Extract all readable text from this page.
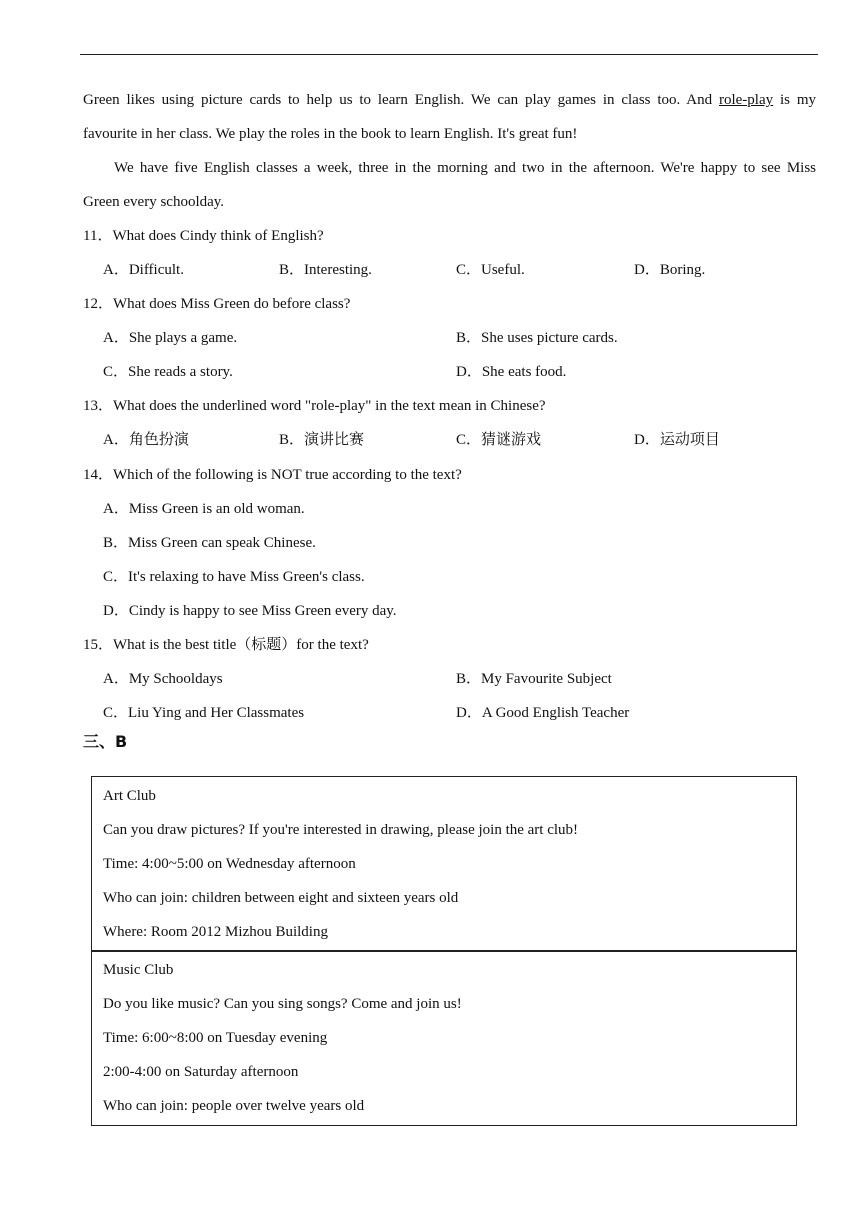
Green likes using picture cards to help us to learn English. We can play games in class too. And role-play is my
favourite in her class. We play the roles in the book to learn English. It's great fun!
We have five English classes a week, three in the morning and two in the afternoon. We're happy to see Miss
Green every schoolday.
11．What does Cindy think of English?
A．Difficult.	B．Interesting.	C．Useful.	D．Boring.
12．What does Miss Green do before class?
A．She plays a game.	B．She uses picture cards.
C．She reads a story.	D．She eats food.
13．What does the underlined word "role-play" in the text mean in Chinese?
A．角色扮演	B．演讲比赛	C．猜谜游戏	D．运动项目
14．Which of the following is NOT true according to the text?
A．Miss Green is an old woman.
B．Miss Green can speak Chinese.
C．It's relaxing to have Miss Green's class.
D．Cindy is happy to see Miss Green every day.
15．What is the best title（标题）for the text?
A．My Schooldays	B．My Favourite Subject
C．Liu Ying and Her Classmates	D．A Good English Teacher
三、B
Art Club
Can you draw pictures? If you're interested in drawing, please join the art club!
Time: 4:00~5:00 on Wednesday afternoon
Who can join: children between eight and sixteen years old
Where: Room 2012 Mizhou Building
Music Club
Do you like music? Can you sing songs? Come and join us!
Time: 6:00~8:00 on Tuesday evening
2:00-4:00 on Saturday afternoon
Who can join: people over twelve years old
